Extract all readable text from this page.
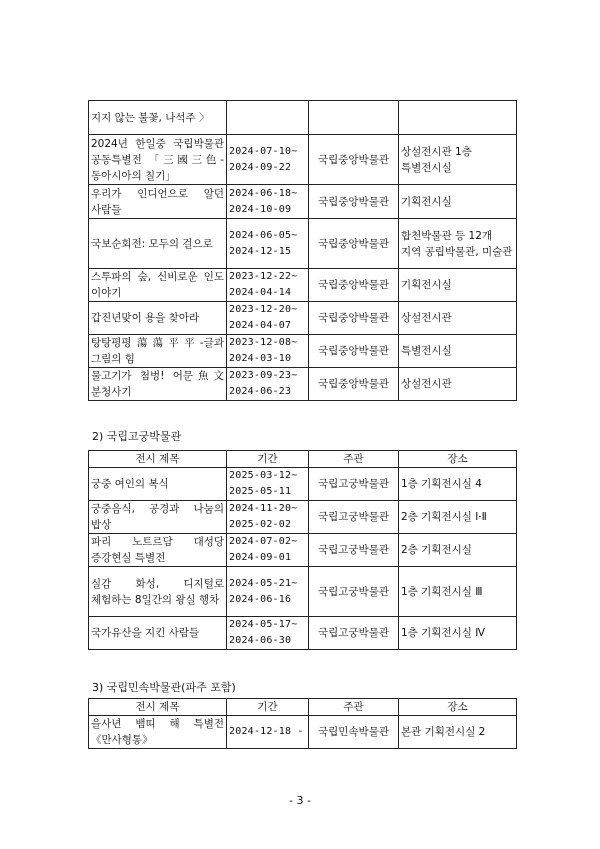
지지 않는 불꽃, 나석주 〉			
2024년 한일중 국립박물관 공동특별전 「三國三色-동아시아의 칠기」	2024-07-10~ 2024-09-22	국립중앙박물관	상설전시관 1층 특별전시실
우리가 인디언으로 알던 사람들	2024-06-18~ 2024-10-09	국립중앙박물관	기획전시실
국보순회전: 모두의 걸으로	2024-06-05~ 2024-12-15	국립중앙박물관	합천박물관 등 12개 지역 공립박물관, 미술관
스투파의 숲, 신비로운 인도 이야기	2023-12-22~ 2024-04-14	국립중앙박물관	기획전시실
갑진년맞이 용을 찾아라	2023-12-20~ 2024-04-07	국립중앙박물관	상설전시관
탕탕평평蕩蕩平平-글과 그림의 힘	2023-12-08~ 2024-03-10	국립중앙박물관	특별전시실
물고기가 첨벙! 어문魚文 분청사기	2023-09-23~ 2024-06-23	국립중앙박물관	상설전시관
2) 국립고궁박물관
전시 제목	기간	주관	장소
궁중 여인의 복식	2025-03-12~ 2025-05-11	국립고궁박물관	1층 기획전시실 4
궁중음식, 공경과 나눔의 밥상	2024-11-20~ 2025-02-02	국립고궁박물관	2층 기획전시실 Ⅰ·Ⅱ
파리 노트르담 대성당 증강현실 특별전	2024-07-02~ 2024-09-01	국립고궁박물관	2층 기획전시실
실감 화성, 디지털로 체험하는 8일간의 왕실 행차	2024-05-21~ 2024-06-16	국립고궁박물관	1층 기획전시실 Ⅲ
국가유산을 지킨 사람들	2024-05-17~ 2024-06-30	국립고궁박물관	1층 기획전시실 Ⅳ
3) 국립민속박물관(파주 포함)
전시 제목	기간	주관	장소
을사년 뱀띠 해 특별전 《만사형통》	2024-12-18 -	국립민속박물관	본관 기획전시실 2
- 3 -
